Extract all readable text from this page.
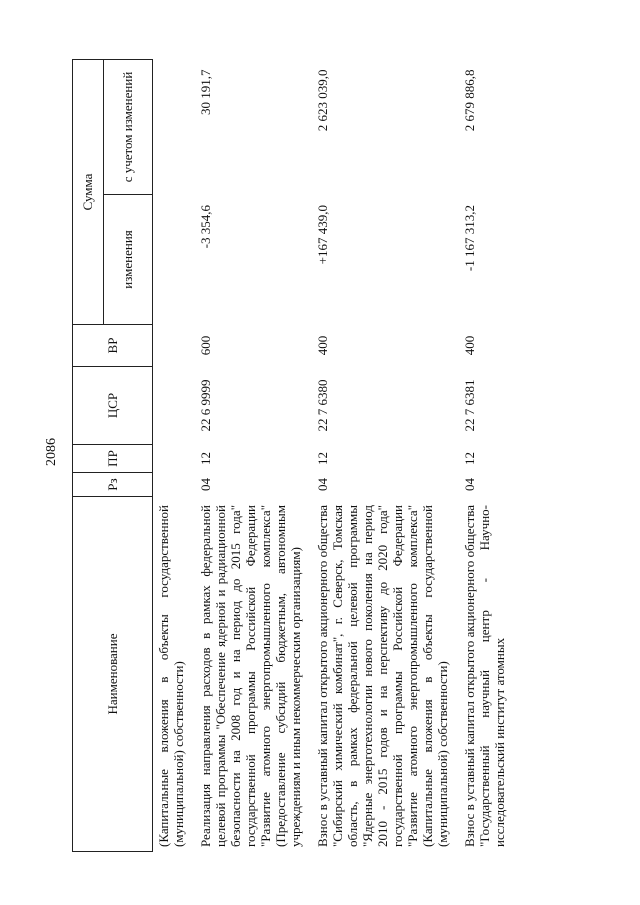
2086
Наименование	Рз	ПР	ЦСР	ВР	Сумма	
					изменения	с учетом изменений
(Капитальные вложения в объекты государственной (муниципальной) собственности)						
Реализация направления расходов в рамках федеральной целевой программы "Обеспечение ядерной и радиационной безопасности на 2008 год и на период до 2015 года" государственной программы Российской Федерации "Развитие атомного энергопромышленного комплекса" (Предоставление субсидий бюджетным, автономным учреждениям и иным некоммерческим организациям)	04	12	22 6 9999	600	-3 354,6	30 191,7
Взнос в уставный капитал открытого акционерного общества "Сибирский химический комбинат", г. Северск, Томская область, в рамках федеральной целевой программы "Ядерные энерготехнологии нового поколения на период 2010 - 2015 годов и на перспективу до 2020 года" государственной программы Российской Федерации "Развитие атомного энергопромышленного комплекса" (Капитальные вложения в объекты государственной (муниципальной) собственности)	04	12	22 7 6380	400	+167 439,0	2 623 039,0
Взнос в уставный капитал открытого акционерного общества "Государственный научный центр - Научно-исследовательский институт атомных	04	12	22 7 6381	400	-1 167 313,2	2 679 886,8
